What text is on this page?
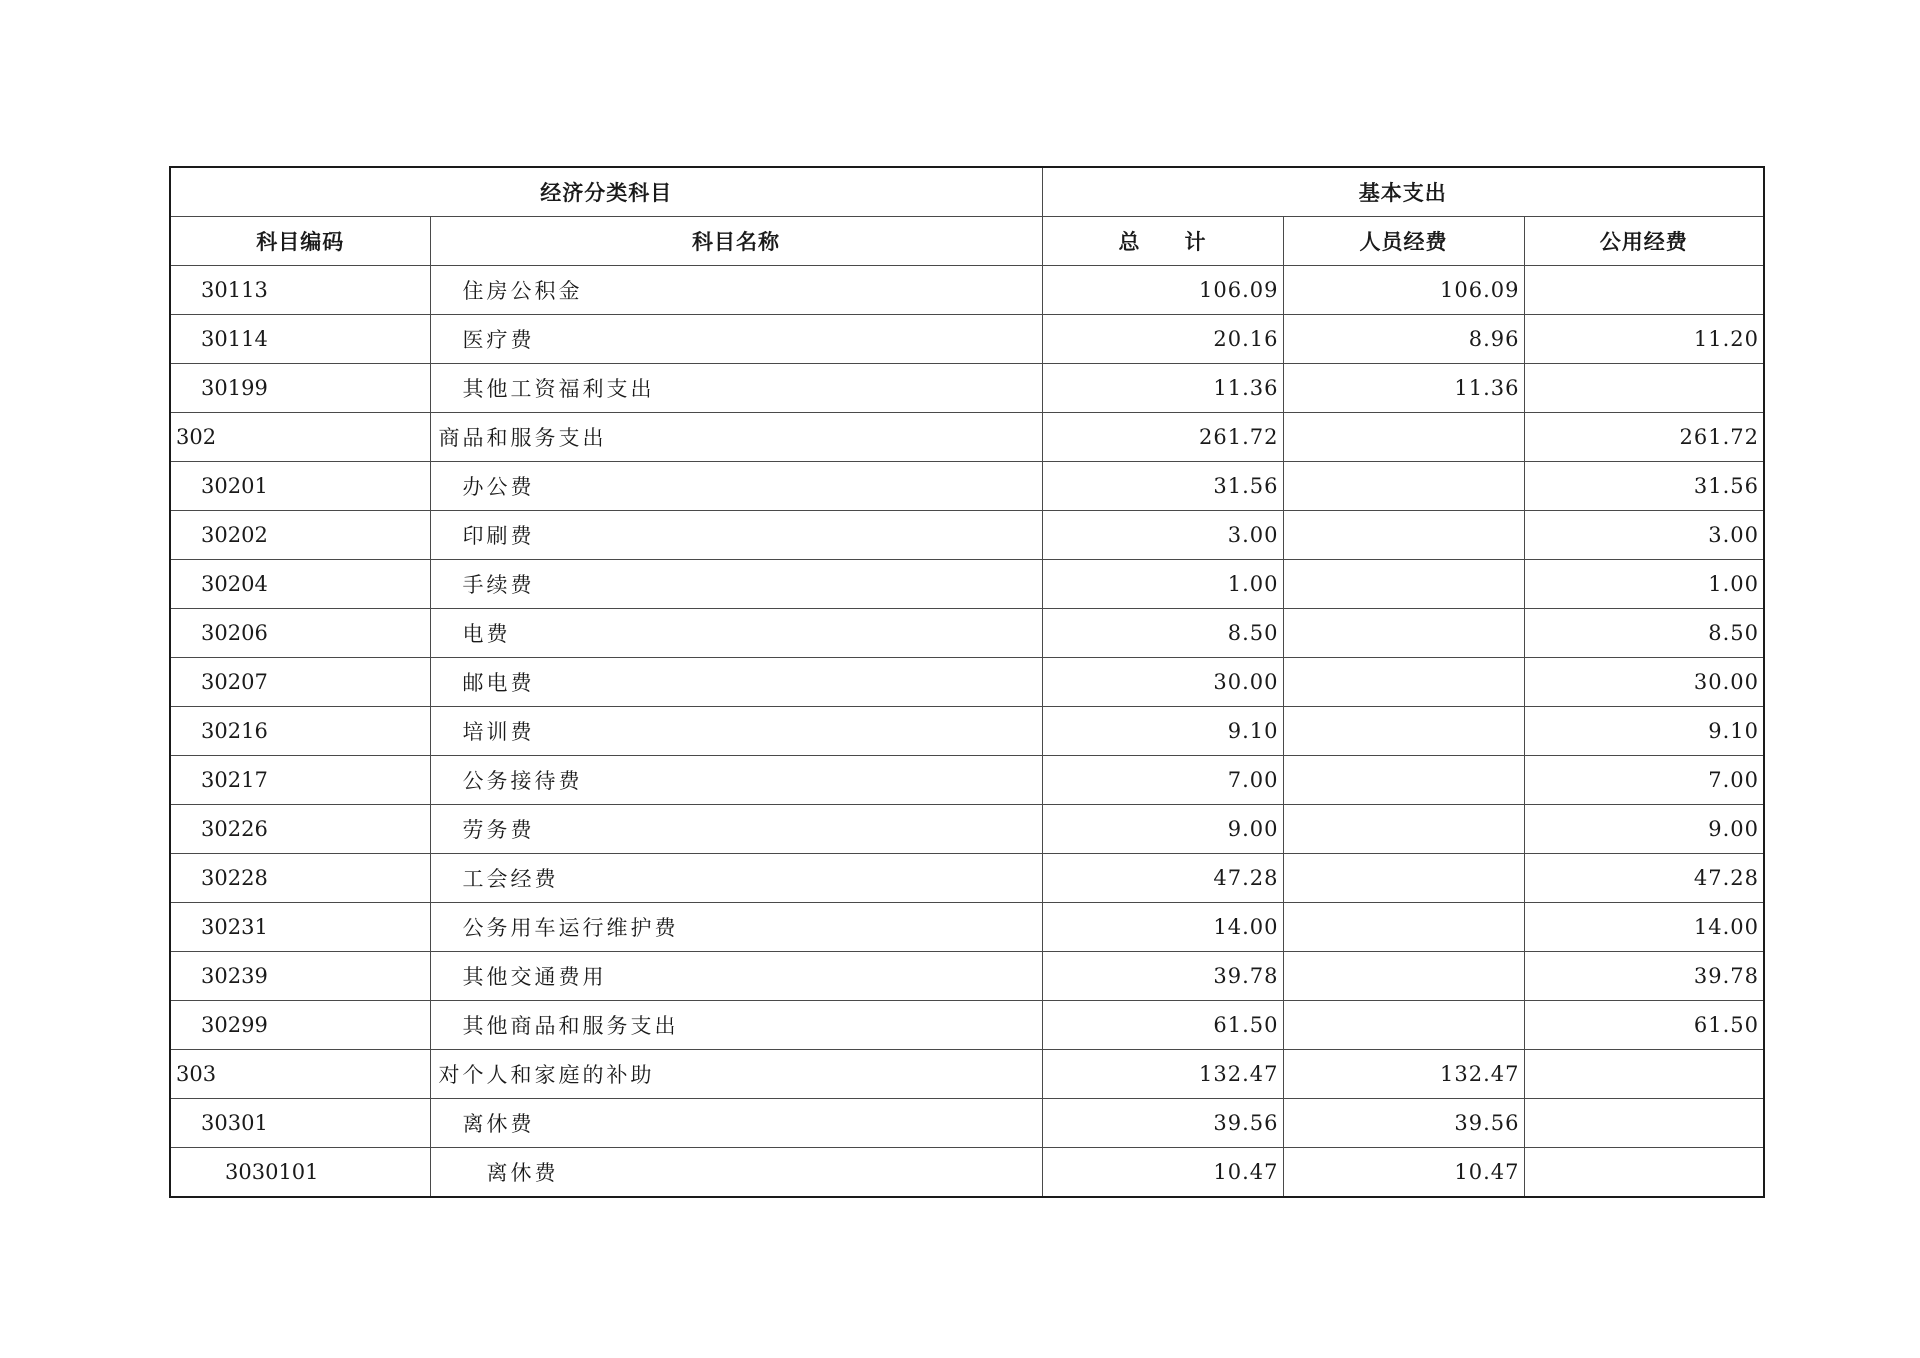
经济分类科目		基本支出		
科目编码	科目名称	总　　计	人员经费	公用经费
30113	住房公积金	106.09	106.09	
30114	医疗费	20.16	8.96	11.20
30199	其他工资福利支出	11.36	11.36	
302	商品和服务支出	261.72		261.72
30201	办公费	31.56		31.56
30202	印刷费	3.00		3.00
30204	手续费	1.00		1.00
30206	电费	8.50		8.50
30207	邮电费	30.00		30.00
30216	培训费	9.10		9.10
30217	公务接待费	7.00		7.00
30226	劳务费	9.00		9.00
30228	工会经费	47.28		47.28
30231	公务用车运行维护费	14.00		14.00
30239	其他交通费用	39.78		39.78
30299	其他商品和服务支出	61.50		61.50
303	对个人和家庭的补助	132.47	132.47	
30301	离休费	39.56	39.56	
3030101	离休费	10.47	10.47	
